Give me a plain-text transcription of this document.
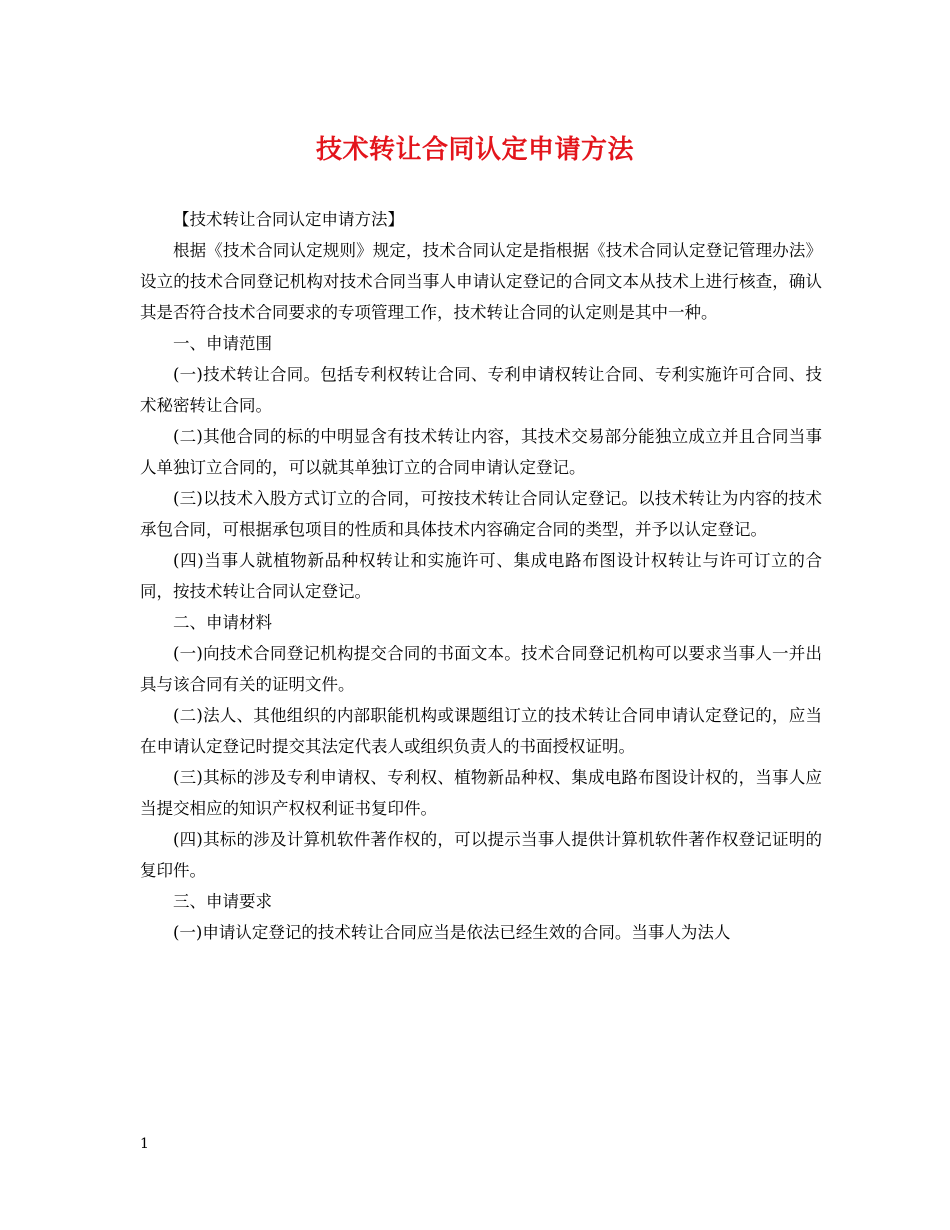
技术转让合同认定申请方法

【技术转让合同认定申请方法】

根据《技术合同认定规则》规定，技术合同认定是指根据《技术合同认定登记管理办法》设立的技术合同登记机构对技术合同当事人申请认定登记的合同文本从技术上进行核查，确认其是否符合技术合同要求的专项管理工作，技术转让合同的认定则是其中一种。

一、申请范围

(一)技术转让合同。包括专利权转让合同、专利申请权转让合同、专利实施许可合同、技术秘密转让合同。

(二)其他合同的标的中明显含有技术转让内容，其技术交易部分能独立成立并且合同当事人单独订立合同的，可以就其单独订立的合同申请认定登记。

(三)以技术入股方式订立的合同，可按技术转让合同认定登记。以技术转让为内容的技术承包合同，可根据承包项目的性质和具体技术内容确定合同的类型，并予以认定登记。

(四)当事人就植物新品种权转让和实施许可、集成电路布图设计权转让与许可订立的合同，按技术转让合同认定登记。

二、申请材料

(一)向技术合同登记机构提交合同的书面文本。技术合同登记机构可以要求当事人一并出具与该合同有关的证明文件。

(二)法人、其他组织的内部职能机构或课题组订立的技术转让合同申请认定登记的，应当在申请认定登记时提交其法定代表人或组织负责人的书面授权证明。

(三)其标的涉及专利申请权、专利权、植物新品种权、集成电路布图设计权的，当事人应当提交相应的知识产权权利证书复印件。

(四)其标的涉及计算机软件著作权的，可以提示当事人提供计算机软件著作权登记证明的复印件。

三、申请要求

(一)申请认定登记的技术转让合同应当是依法已经生效的合同。当事人为法人

1
